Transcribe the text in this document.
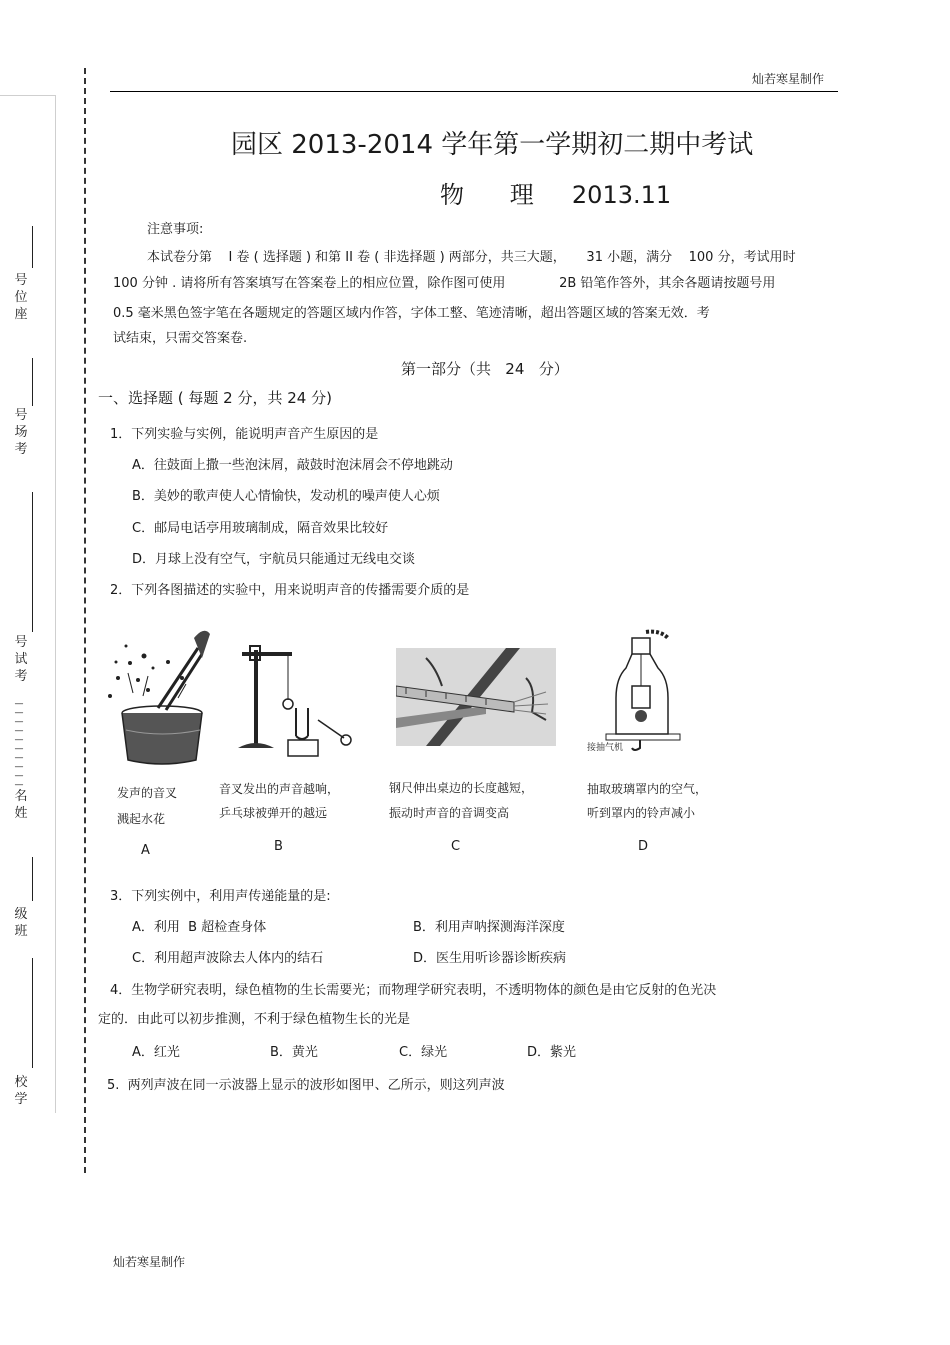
灿若寒星制作
号位座
号场考
号试考
— — — — — — — — — —
名姓
级班
校学
园区 2013-2014 学年第一学期初二期中考试
物      理     2013.11
注意事项:
本试卷分第    I 卷 ( 选择题 ) 和第 II 卷 ( 非选择题 ) 两部分，共三大题，     31 小题，满分    100 分，考试用时
100 分钟 . 请将所有答案填写在答案卷上的相应位置，除作图可使用             2B 铅笔作答外，其余各题请按题号用
0.5 毫米黑色签字笔在各题规定的答题区域内作答，字体工整、笔迹清晰，超出答题区域的答案无效．考
试结束，只需交答案卷.
第一部分（共   24   分）
一、选择题 ( 每题 2 分，共 24 分)
1．下列实验与实例，能说明声音产生原因的是
A．往鼓面上撒一些泡沫屑，敲鼓时泡沫屑会不停地跳动
B．美妙的歌声使人心情愉快，发动机的噪声使人心烦
C．邮局电话亭用玻璃制成，隔音效果比较好
D．月球上没有空气，宇航员只能通过无线电交谈
2．下列各图描述的实验中，用来说明声音的传播需要介质的是
接抽气机
发声的音叉
溅起水花
A
音叉发出的声音越响，
乒乓球被弹开的越远
B
钢尺伸出桌边的长度越短，
振动时声音的音调变高
C
抽取玻璃罩内的空气，
听到罩内的铃声减小
D
3．下列实例中，利用声传递能量的是:
A．利用  B 超检查身体	B．利用声呐探测海洋深度
C．利用超声波除去人体内的结石	D．医生用听诊器诊断疾病
4．生物学研究表明，绿色植物的生长需要光；而物理学研究表明，不透明物体的颜色是由它反射的色光决
定的．由此可以初步推测，不利于绿色植物生长的光是
A．红光	B．黄光	C．绿光	D．紫光
5.  两列声波在同一示波器上显示的波形如图甲、乙所示，则这列声波
灿若寒星制作
